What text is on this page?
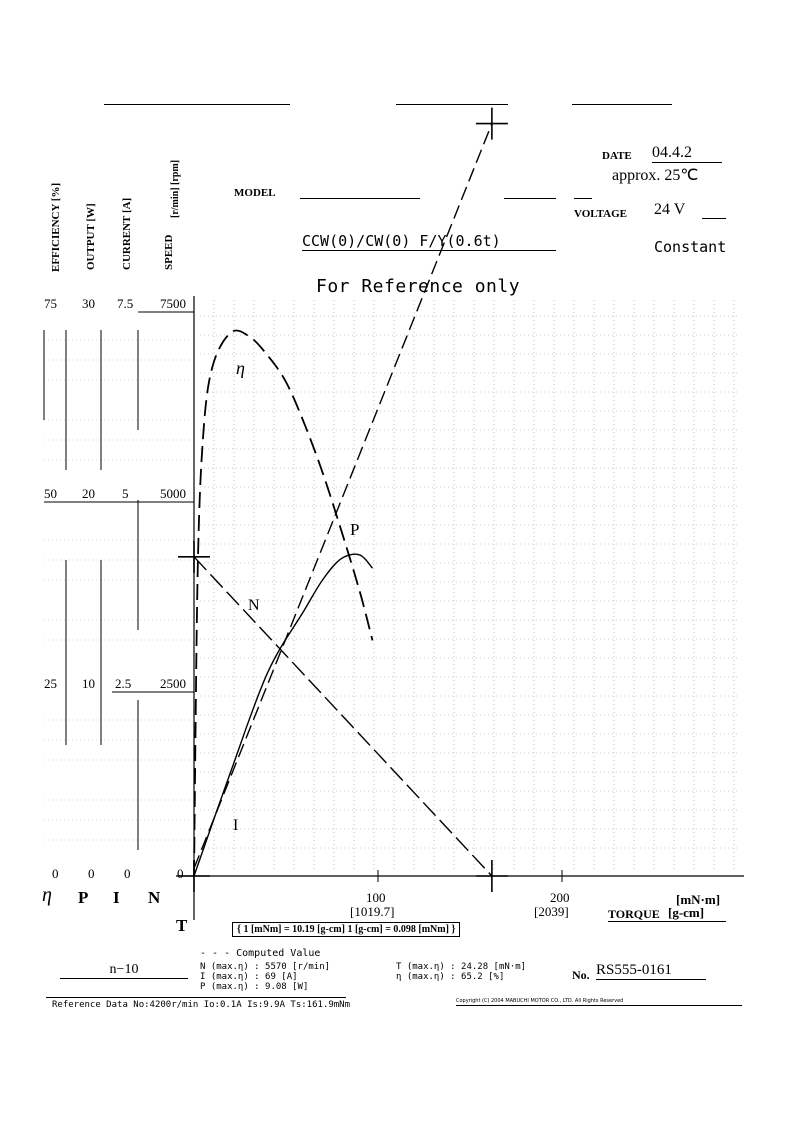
DATE 04.4.2
approx. 25℃
MODEL
VOLTAGE 24 V
CCW(0)/CW(0) F/Y(0.6t)	Constant
For Reference only
EFFICIENCY [%] OUTPUT [W] CURRENT [A]
[r/min] [rpm]
SPEED
75 30 7.5 7500
50 20 5 5000
25 10 2.5 2500
0 0 0	0
η P I N
T
100
[1019.7]
200
[2039]
[mN·m]
TORQUE [g-cm]
{ 1 [mNm] = 10.19 [g-cm] 1 [g-cm] = 0.098 [mNm] }
- - - Computed Value
N (max.η) : 5570 [r/min]
I (max.η) : 69 [A]
P (max.η) : 9.08 [W]
T (max.η) : 24.28 [mN·m]
η (max.η) : 65.2 [%]
n−10	No. RS555-0161
Reference Data No:4200r/min Io:0.1A Is:9.9A Ts:161.9mNm	Copyright (C) 2004 MABUCHI MOTOR CO., LTD. All Rights Reserved
η
P
N
I
